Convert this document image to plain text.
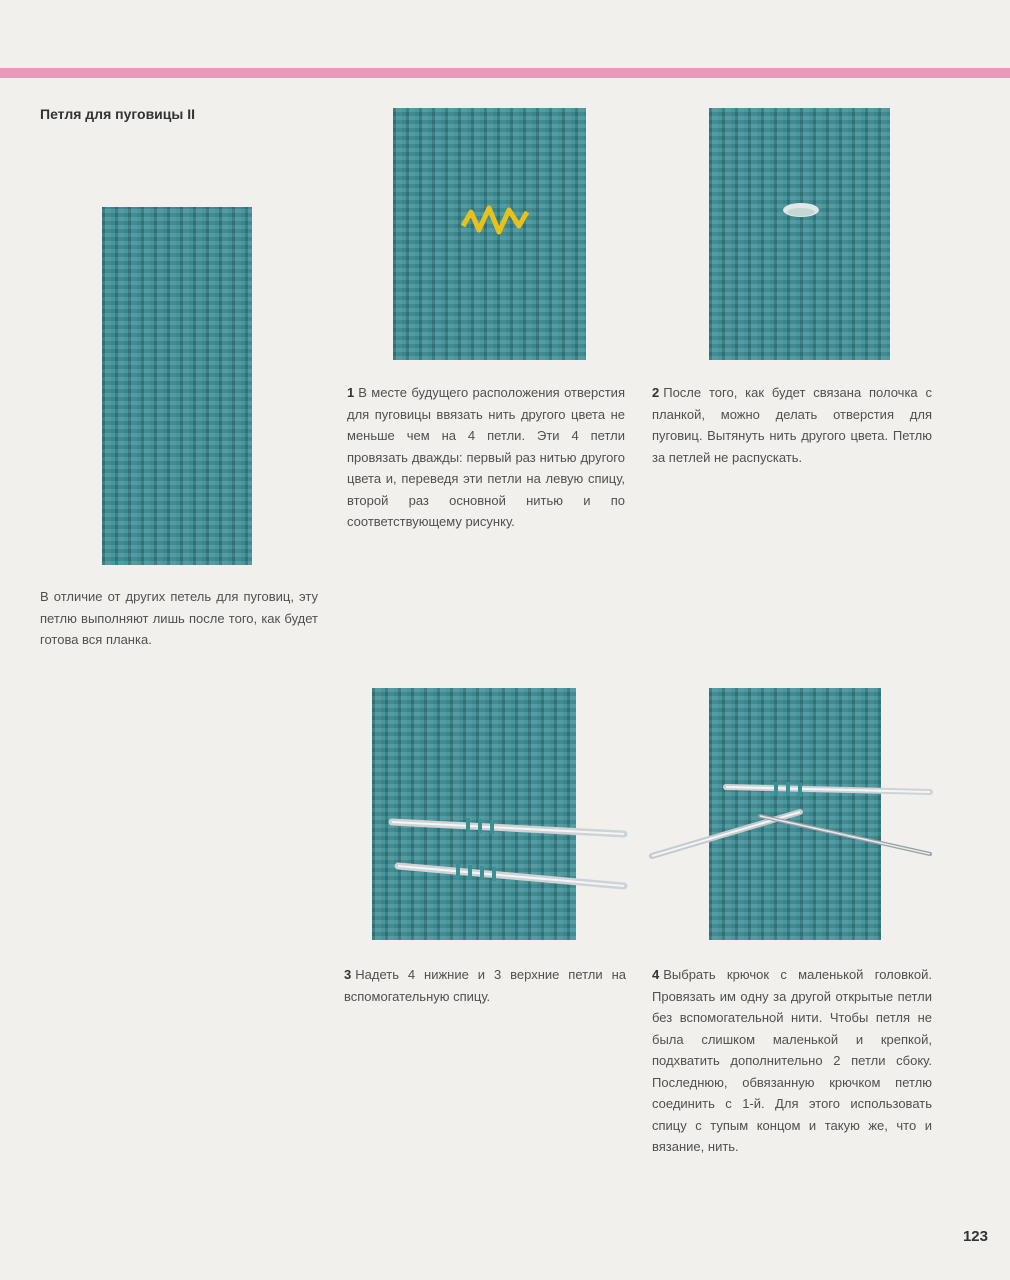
Петля для пуговицы II

В отличие от других петель для пуговиц, эту петлю выполняют лишь после того, как будет готова вся планка.

1 В месте будущего расположения отверстия для пуговицы ввязать нить другого цвета не меньше чем на 4 петли. Эти 4 петли провязать дважды: первый раз нитью другого цвета и, переведя эти петли на левую спицу, второй раз основной нитью и по соответствующему рисунку.

2 После того, как будет связана полочка с планкой, можно делать отверстия для пуговиц. Вытянуть нить другого цвета. Петлю за петлей не распускать.

3 Надеть 4 нижние и 3 верхние петли на вспомогательную спицу.

4 Выбрать крючок с маленькой головкой. Провязать им одну за другой открытые петли без вспомогательной нити. Чтобы петля не была слишком маленькой и крепкой, подхватить дополнительно 2 петли сбоку. Последнюю, обвязанную крючком петлю соединить с 1-й. Для этого использовать спицу с тупым концом и такую же, что и вязание, нить.

123
